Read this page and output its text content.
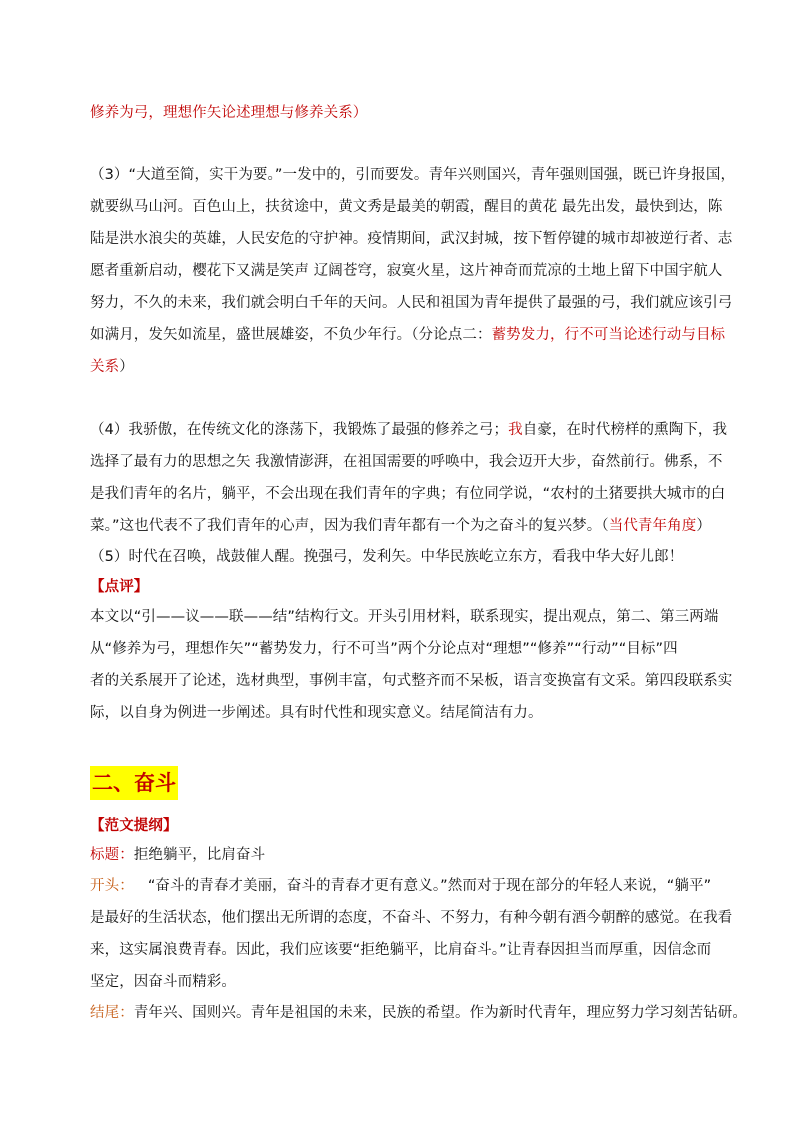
修养为弓，理想作矢论述理想与修养关系）
（3）“大道至简，实干为要。”一发中的，引而要发。青年兴则国兴，青年强则国强，既已许身报国，
就要纵马山河。百色山上，扶贫途中，黄文秀是最美的朝霞，醒目的黄花 最先出发，最快到达，陈
陆是洪水浪尖的英雄，人民安危的守护神。疫情期间，武汉封城，按下暂停键的城市却被逆行者、志
愿者重新启动，樱花下又满是笑声 辽阔苍穹，寂寞火星，这片神奇而荒凉的土地上留下中国宇航人
努力，不久的未来，我们就会明白千年的天问。人民和祖国为青年提供了最强的弓，我们就应该引弓
如满月，发矢如流星，盛世展雄姿，不负少年行。（分论点二：蓄势发力，行不可当论述行动与目标
关系）
（4）我骄傲，在传统文化的涤荡下，我锻炼了最强的修养之弓；我自豪，在时代榜样的熏陶下，我
选择了最有力的思想之矢 我激情澎湃，在祖国需要的呼唤中，我会迈开大步，奋然前行。佛系，不
是我们青年的名片，躺平，不会出现在我们青年的字典；有位同学说，“农村的土猪要拱大城市的白
菜。”这也代表不了我们青年的心声，因为我们青年都有一个为之奋斗的复兴梦。（当代青年角度）
（5）时代在召唤，战鼓催人醒。挽强弓，发利矢。中华民族屹立东方，看我中华大好儿郎！
【点评】
本文以“引——议——联——结”结构行文。开头引用材料，联系现实，提出观点，第二、第三两端
从“修养为弓，理想作矢”“蓄势发力，行不可当”两个分论点对“理想”“修养”“行动”“目标”四
者的关系展开了论述，选材典型，事例丰富，句式整齐而不呆板，语言变换富有文采。第四段联系实
际，以自身为例进一步阐述。具有时代性和现实意义。结尾简洁有力。
二、奋斗
【范文提纲】
标题：拒绝躺平，比肩奋斗
开头： “奋斗的青春才美丽，奋斗的青春才更有意义。”然而对于现在部分的年轻人来说，“躺平”
是最好的生活状态，他们摆出无所谓的态度，不奋斗、不努力，有种今朝有酒今朝醉的感觉。在我看
来，这实属浪费青春。因此，我们应该要“拒绝躺平，比肩奋斗。”让青春因担当而厚重，因信念而
坚定，因奋斗而精彩。
结尾：青年兴、国则兴。青年是祖国的未来，民族的希望。作为新时代青年，理应努力学习刻苦钻研。
